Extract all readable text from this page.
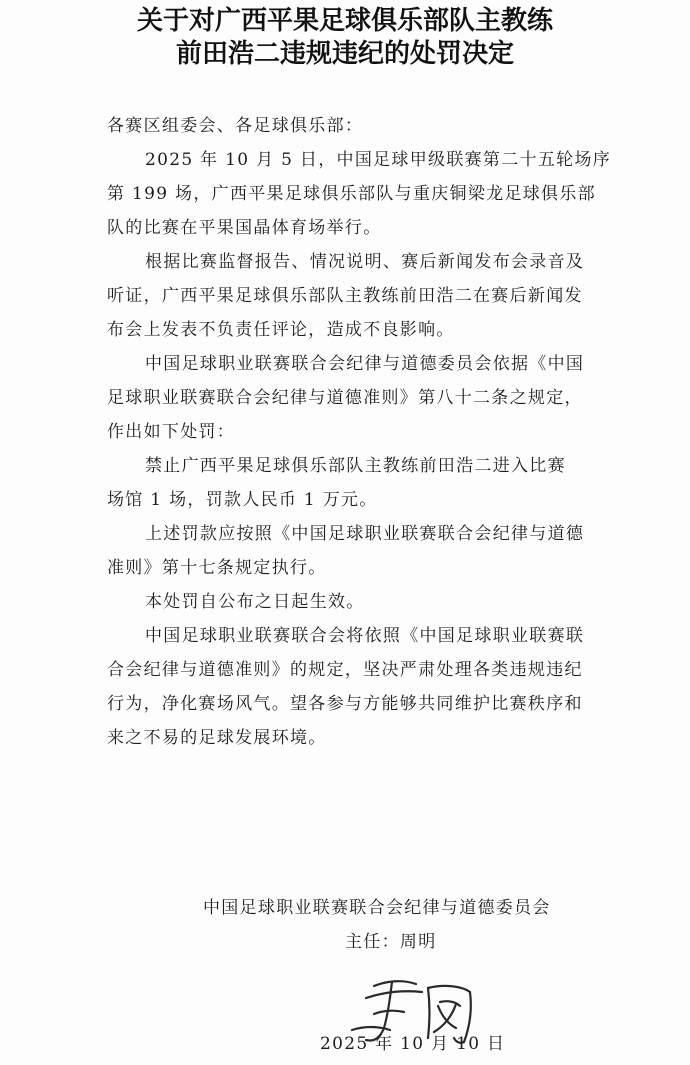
关于对广西平果足球俱乐部队主教练
前田浩二违规违纪的处罚决定
各赛区组委会、各足球俱乐部：
2025 年 10 月 5 日，中国足球甲级联赛第二十五轮场序
第 199 场，广西平果足球俱乐部队与重庆铜梁龙足球俱乐部
队的比赛在平果国晶体育场举行。
根据比赛监督报告、情况说明、赛后新闻发布会录音及
听证，广西平果足球俱乐部队主教练前田浩二在赛后新闻发
布会上发表不负责任评论，造成不良影响。
中国足球职业联赛联合会纪律与道德委员会依据《中国
足球职业联赛联合会纪律与道德准则》第八十二条之规定，
作出如下处罚：
禁止广西平果足球俱乐部队主教练前田浩二进入比赛
场馆 1 场，罚款人民币 1 万元。
上述罚款应按照《中国足球职业联赛联合会纪律与道德
准则》第十七条规定执行。
本处罚自公布之日起生效。
中国足球职业联赛联合会将依照《中国足球职业联赛联
合会纪律与道德准则》的规定，坚决严肃处理各类违规违纪
行为，净化赛场风气。望各参与方能够共同维护比赛秩序和
来之不易的足球发展环境。
中国足球职业联赛联合会纪律与道德委员会
主任：周明
2025 年 10 月 10 日
